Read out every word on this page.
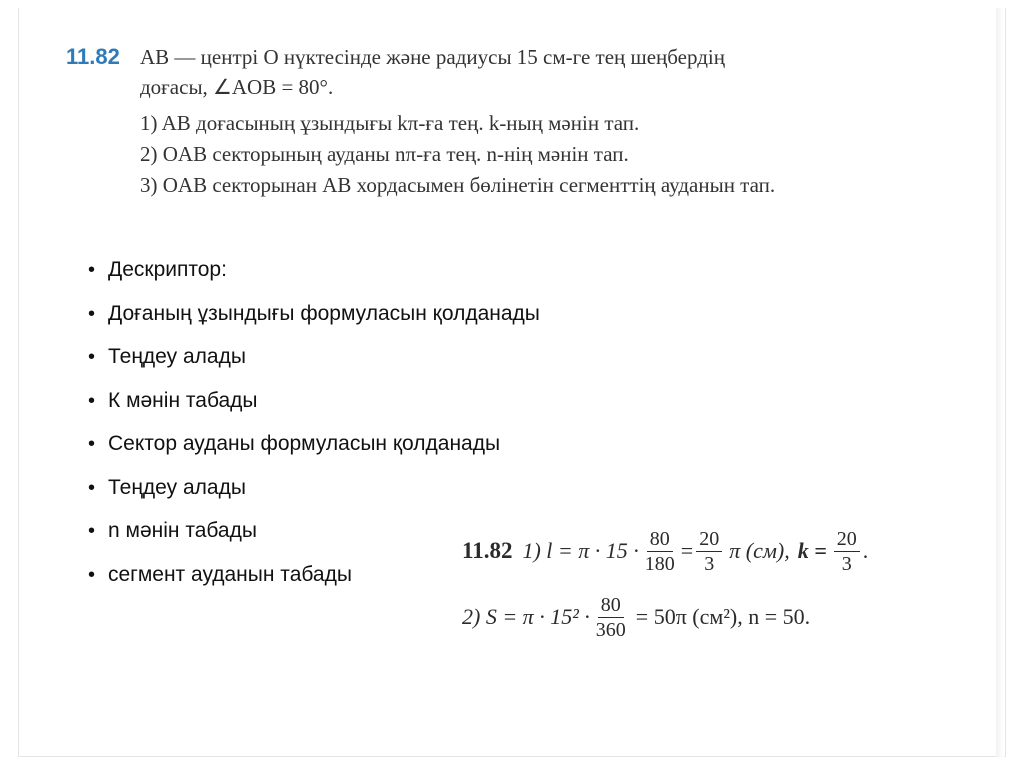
11.82 AB — центрі O нүктесінде және радиусы 15 см-ге тең шеңбердің
доғасы, ∠AOB = 80°.
1) AB доғасының ұзындығы kπ-ға тең. k-ның мәнін тап.
2) OAB секторының ауданы nπ-ға тең. n-нің мәнін тап.
3) OAB секторынан AB хордасымен бөлінетін сегменттің ауданын тап.
• Дескриптор:
• Доғаның ұзындығы формуласын қолданады
• Теңдеу алады
• К мәнін табады
• Сектор ауданы формуласын қолданады
• Теңдеу алады
• n мәнін табады
• сегмент ауданын табады
11.82 1) $l = \pi \cdot 15 \cdot \frac{80}{180} = \frac{20}{3}$ π (см), $k = \frac{20}{3}$ .
2) $S = \pi \cdot 15^2 \cdot \frac{80}{360} = 50\pi$ (см²), n = 50.
